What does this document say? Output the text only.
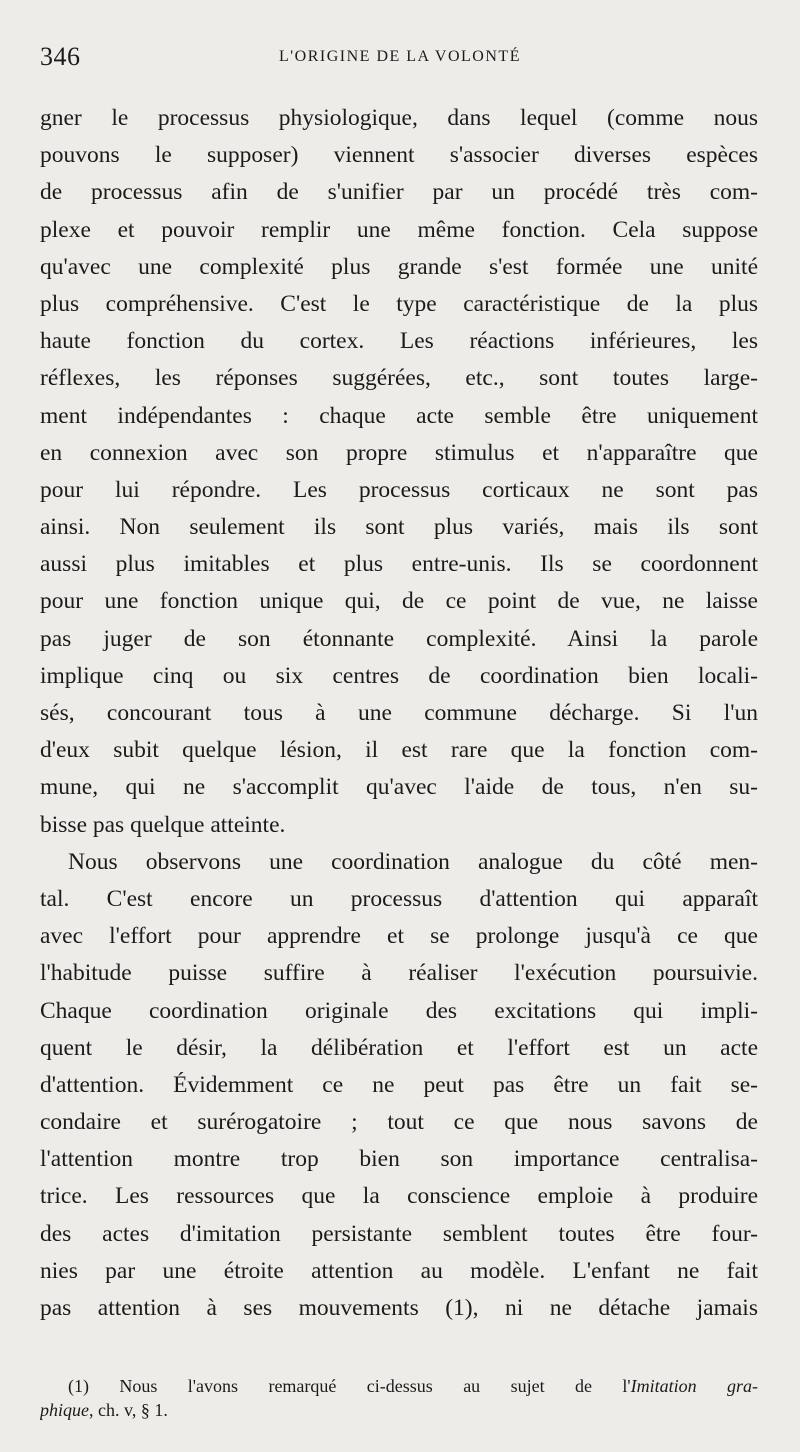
346	L'ORIGINE DE LA VOLONTÉ
gner le processus physiologique, dans lequel (comme nous
pouvons le supposer) viennent s'associer diverses espèces
de processus afin de s'unifier par un procédé très com-
plexe et pouvoir remplir une même fonction. Cela suppose
qu'avec une complexité plus grande s'est formée une unité
plus compréhensive. C'est le type caractéristique de la plus
haute fonction du cortex. Les réactions inférieures, les
réflexes, les réponses suggérées, etc., sont toutes large-
ment indépendantes : chaque acte semble être uniquement
en connexion avec son propre stimulus et n'apparaître que
pour lui répondre. Les processus corticaux ne sont pas
ainsi. Non seulement ils sont plus variés, mais ils sont
aussi plus imitables et plus entre-unis. Ils se coordonnent
pour une fonction unique qui, de ce point de vue, ne laisse
pas juger de son étonnante complexité. Ainsi la parole
implique cinq ou six centres de coordination bien locali-
sés, concourant tous à une commune décharge. Si l'un
d'eux subit quelque lésion, il est rare que la fonction com-
mune, qui ne s'accomplit qu'avec l'aide de tous, n'en su-
bisse pas quelque atteinte.
Nous observons une coordination analogue du côté men-
tal. C'est encore un processus d'attention qui apparaît
avec l'effort pour apprendre et se prolonge jusqu'à ce que
l'habitude puisse suffire à réaliser l'exécution poursuivie.
Chaque coordination originale des excitations qui impli-
quent le désir, la délibération et l'effort est un acte
d'attention. Évidemment ce ne peut pas être un fait se-
condaire et surérogatoire ; tout ce que nous savons de
l'attention montre trop bien son importance centralisa-
trice. Les ressources que la conscience emploie à produire
des actes d'imitation persistante semblent toutes être four-
nies par une étroite attention au modèle. L'enfant ne fait
pas attention à ses mouvements (1), ni ne détache jamais
(1) Nous l'avons remarqué ci-dessus au sujet de l'Imitation gra-
phique, ch. v, § 1.
